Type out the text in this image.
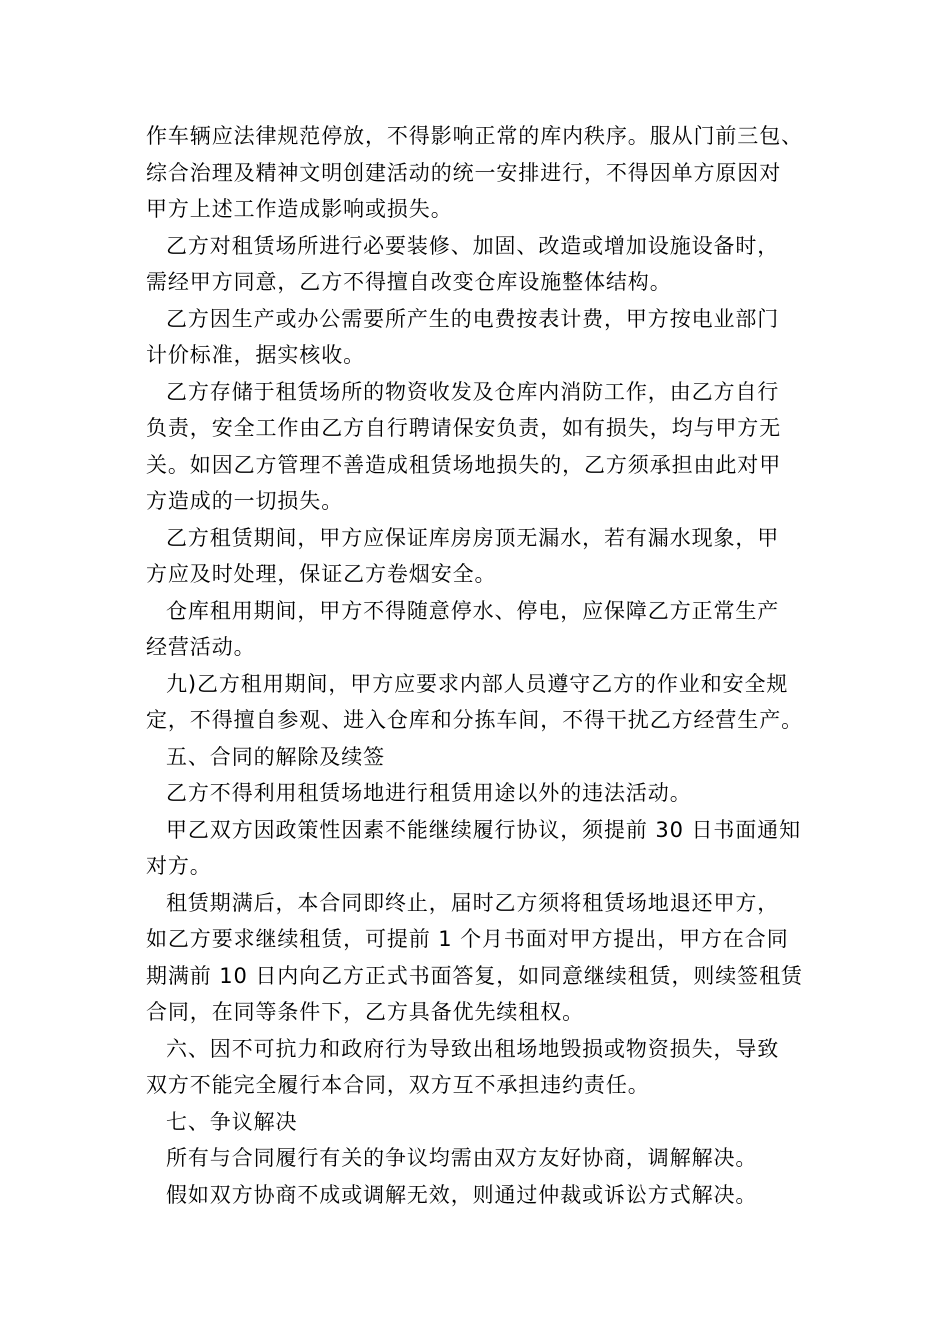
作车辆应法律规范停放，不得影响正常的库内秩序。服从门前三包、
综合治理及精神文明创建活动的统一安排进行，不得因单方原因对
甲方上述工作造成影响或损失。

乙方对租赁场所进行必要装修、加固、改造或增加设施设备时，
需经甲方同意，乙方不得擅自改变仓库设施整体结构。

乙方因生产或办公需要所产生的电费按表计费，甲方按电业部门
计价标准，据实核收。

乙方存储于租赁场所的物资收发及仓库内消防工作，由乙方自行
负责，安全工作由乙方自行聘请保安负责，如有损失，均与甲方无
关。如因乙方管理不善造成租赁场地损失的，乙方须承担由此对甲
方造成的一切损失。

乙方租赁期间，甲方应保证库房房顶无漏水，若有漏水现象，甲
方应及时处理，保证乙方卷烟安全。

仓库租用期间，甲方不得随意停水、停电，应保障乙方正常生产
经营活动。

九)乙方租用期间，甲方应要求内部人员遵守乙方的作业和安全规
定，不得擅自参观、进入仓库和分拣车间，不得干扰乙方经营生产。

五、合同的解除及续签

乙方不得利用租赁场地进行租赁用途以外的违法活动。

甲乙双方因政策性因素不能继续履行协议，须提前 30 日书面通知
对方。

租赁期满后，本合同即终止，届时乙方须将租赁场地退还甲方，
如乙方要求继续租赁，可提前 1 个月书面对甲方提出，甲方在合同
期满前 10 日内向乙方正式书面答复，如同意继续租赁，则续签租赁
合同，在同等条件下，乙方具备优先续租权。

六、因不可抗力和政府行为导致出租场地毁损或物资损失，导致
双方不能完全履行本合同，双方互不承担违约责任。

七、争议解决

所有与合同履行有关的争议均需由双方友好协商，调解解决。

假如双方协商不成或调解无效，则通过仲裁或诉讼方式解决。
